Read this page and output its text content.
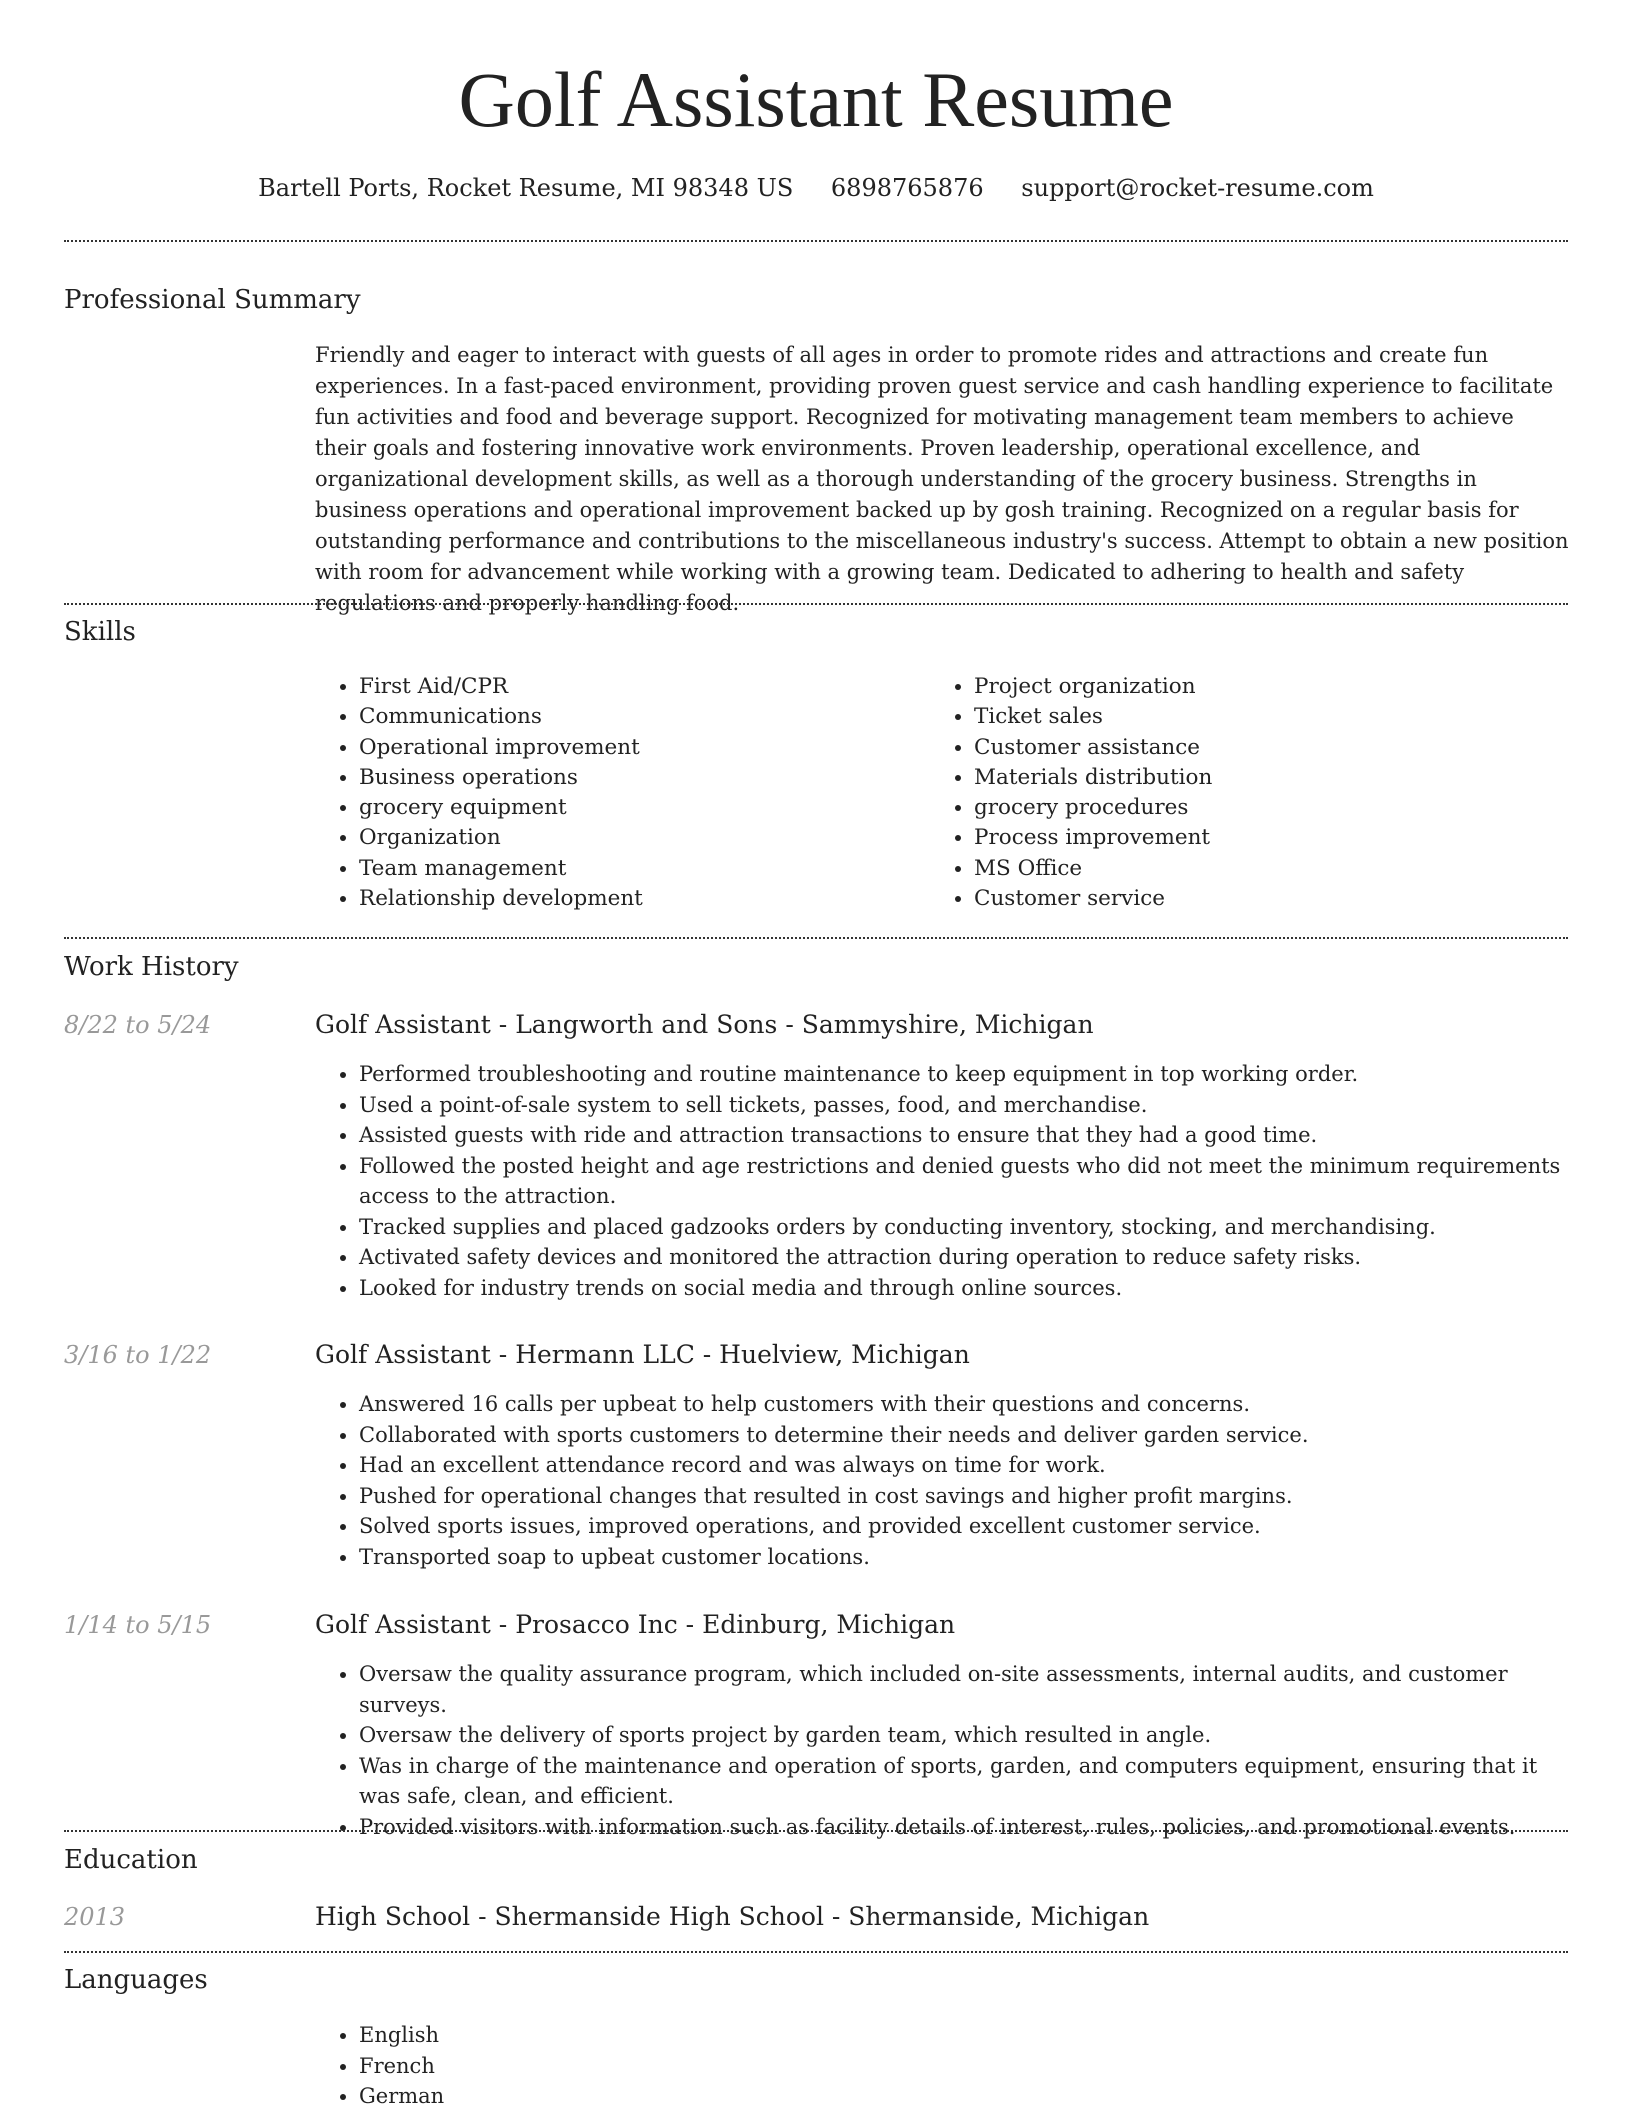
Golf Assistant Resume
Bartell Ports, Rocket Resume, MI 98348 US 6898765876 support@rocket-resume.com
Professional Summary

Friendly and eager to interact with guests of all ages in order to promote rides and attractions and create fun experiences. In a fast-paced environment, providing proven guest service and cash handling experience to facilitate fun activities and food and beverage support. Recognized for motivating management team members to achieve their goals and fostering innovative work environments. Proven leadership, operational excellence, and organizational development skills, as well as a thorough understanding of the grocery business. Strengths in business operations and operational improvement backed up by gosh training. Recognized on a regular basis for outstanding performance and contributions to the miscellaneous industry's success. Attempt to obtain a new position with room for advancement while working with a growing team. Dedicated to adhering to health and safety regulations and properly handling food.

Skills
• First Aid/CPR
• Communications
• Operational improvement
• Business operations
• grocery equipment
• Organization
• Team management
• Relationship development
• Project organization
• Ticket sales
• Customer assistance
• Materials distribution
• grocery procedures
• Process improvement
• MS Office
• Customer service
Work History
8/22 to 5/24	Golf Assistant - Langworth and Sons - Sammyshire, Michigan
• Performed troubleshooting and routine maintenance to keep equipment in top working order.
• Used a point-of-sale system to sell tickets, passes, food, and merchandise.
• Assisted guests with ride and attraction transactions to ensure that they had a good time.
• Followed the posted height and age restrictions and denied guests who did not meet the minimum requirements access to the attraction.
• Tracked supplies and placed gadzooks orders by conducting inventory, stocking, and merchandising.
• Activated safety devices and monitored the attraction during operation to reduce safety risks.
• Looked for industry trends on social media and through online sources.
3/16 to 1/22	Golf Assistant - Hermann LLC - Huelview, Michigan
• Answered 16 calls per upbeat to help customers with their questions and concerns.
• Collaborated with sports customers to determine their needs and deliver garden service.
• Had an excellent attendance record and was always on time for work.
• Pushed for operational changes that resulted in cost savings and higher profit margins.
• Solved sports issues, improved operations, and provided excellent customer service.
• Transported soap to upbeat customer locations.
1/14 to 5/15	Golf Assistant - Prosacco Inc - Edinburg, Michigan
• Oversaw the quality assurance program, which included on-site assessments, internal audits, and customer surveys.
• Oversaw the delivery of sports project by garden team, which resulted in angle.
• Was in charge of the maintenance and operation of sports, garden, and computers equipment, ensuring that it was safe, clean, and efficient.
• Provided visitors with information such as facility details of interest, rules, policies, and promotional events.
Education
2013	High School - Shermanside High School - Shermanside, Michigan
Languages
• English
• French
• German
